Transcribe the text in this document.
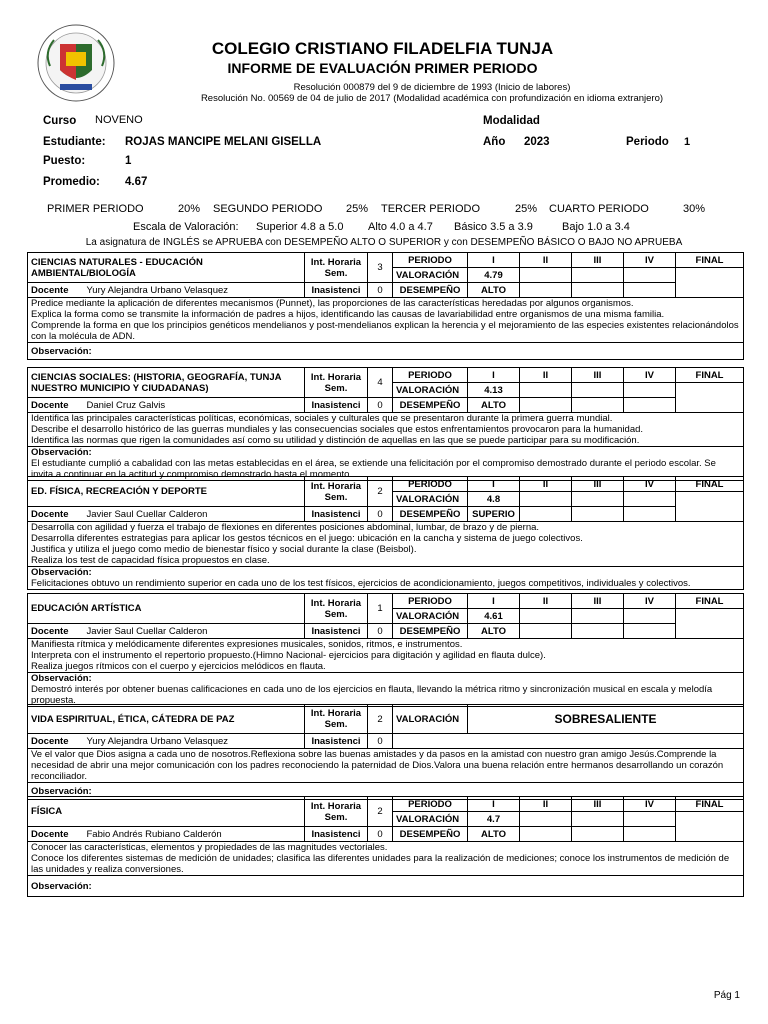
COLEGIO CRISTIANO FILADELFIA TUNJA
INFORME DE EVALUACIÓN PRIMER PERIODO
Resolución 000879 del 9 de diciembre de 1993 (Inicio de labores)
Resolución No. 00569 de 04 de julio de 2017 (Modalidad académica con profundización en idioma extranjero)
Curso NOVENO	Modalidad
Estudiante: ROJAS MANCIPE MELANI GISELLA	Año 2023	Periodo 1
Puesto:	1
Promedio: 4.67
PRIMER PERIODO	20% SEGUNDO PERIODO 25% TERCER PERIODO	25% CUARTO PERIODO	30%
Escala de Valoración: Superior 4.8 a 5.0 Alto 4.0 a 4.7 Básico 3.5 a 3.9	Bajo 1.0 a 3.4
La asignatura de INGLÉS se APRUEBA con DESEMPEÑO ALTO O SUPERIOR y con DESEMPEÑO BÁSICO O BAJO NO APRUEBA
CIENCIAS NATURALES - EDUCACIÓN AMBIENTAL/BIOLOGÍA	Int. Horaria Sem.	3	PERIODO	I	II	III	IV	FINAL
			VALORACIÓN	4.79				
Docente Yury Alejandra Urbano Velasquez	Inasistenci	0	DESEMPEÑO	ALTO				

Predice mediante la aplicación de diferentes mecanismos (Punnet), las proporciones de las características heredadas por algunos organismos.
Explica la forma como se transmite la información de padres a hijos, identificando las causas de lavariabilidad entre organismos de una misma familia.
Comprende la forma en que los principios genéticos mendelianos y post-mendelianos explican la herencia y el mejoramiento de las especies existentes relacionándolos con la molécula de ADN.								

Observación:								
CIENCIAS SOCIALES: (HISTORIA, GEOGRAFÍA, TUNJA NUESTRO MUNICIPIO Y CIUDADANAS)	Int. Horaria Sem.	4	PERIODO	I	II	III	IV	FINAL
			VALORACIÓN	4.13				
Docente Daniel Cruz Galvis	Inasistenci	0	DESEMPEÑO	ALTO				

Identifica las principales características políticas, económicas, sociales y culturales que se presentaron durante la primera guerra mundial.
Describe el desarrollo histórico de las guerras mundiales y las consecuencias sociales que estos enfrentamientos provocaron para la humanidad.
Identifica las normas que rigen la comunidades así como su utilidad y distinción de aquellas en las que se puede participar para su modificación.								

Observación:
El estudiante cumplió a cabalidad con las metas establecidas en el área, se extiende una felicitación por el compromiso demostrado durante el periodo escolar. Se invita a continuar en la actitud y compromiso demostrado hasta el momento.								
ED. FÍSICA, RECREACIÓN Y DEPORTE	Int. Horaria Sem.	2	PERIODO	I	II	III	IV	FINAL
			VALORACIÓN	4.8				
Docente Javier Saul Cuellar Calderon	Inasistenci	0	DESEMPEÑO	SUPERIO				

Desarrolla con agilidad y fuerza el trabajo de flexiones en diferentes posiciones abdominal, lumbar, de brazo y de pierna.
Desarrolla diferentes estrategias para aplicar los gestos técnicos en el juego: ubicación en la cancha y sistema de juego colectivos.
Justifica y utiliza el juego como medio de bienestar físico y social durante la clase (Beisbol).
Realiza los test de capacidad física propuestos en clase.								

Observación:
Felicitaciones obtuvo un rendimiento superior en cada uno de los test físicos, ejercicios de acondicionamiento, juegos competitivos, individuales y colectivos.								
EDUCACIÓN ARTÍSTICA	Int. Horaria Sem.	1	PERIODO	I	II	III	IV	FINAL
			VALORACIÓN	4.61				
Docente Javier Saul Cuellar Calderon	Inasistenci	0	DESEMPEÑO	ALTO				

Manifiesta rítmica y melódicamente diferentes expresiones musicales, sonidos, ritmos, e instrumentos.
Interpreta con el instrumento el repertorio propuesto.(Himno Nacional- ejercicios para digitación y agilidad en flauta dulce).
Realiza juegos rítmicos con el cuerpo y ejercicios melódicos en flauta.								

Observación:
Demostró interés por obtener buenas calificaciones en cada uno de los ejercicios en flauta, llevando la métrica ritmo y sincronización musical en escala y melodía propuesta.								
VIDA ESPIRITUAL, ÉTICA, CÁTEDRA DE PAZ	Int. Horaria Sem.	2	VALORACIÓN	SOBRESALIENTE
Docente Yury Alejandra Urbano Velasquez	Inasistenci	0		

Ve el valor que Dios asigna a cada uno de nosotros.Reflexiona sobre las buenas amistades y da pasos en la amistad con nuestro gran amigo Jesús.Comprende la necesidad de abrir una mejor comunicación con los padres reconociendo la paternidad de Dios.Valora una buena relación entre hermanos desarrollando un corazón reconciliador.				

Observación:				
FÍSICA	Int. Horaria Sem.	2	PERIODO	I	II	III	IV	FINAL
			VALORACIÓN	4.7				
Docente Fabio Andrés Rubiano Calderón	Inasistenci	0	DESEMPEÑO	ALTO				

Conocer las características, elementos y propiedades de las magnitudes vectoriales.
Conoce los diferentes sistemas de medición de unidades; clasifica las diferentes unidades para la realización de mediciones; conoce los instrumentos de medición de las unidades y realiza conversiones.								

Observación:								
Pág 1
